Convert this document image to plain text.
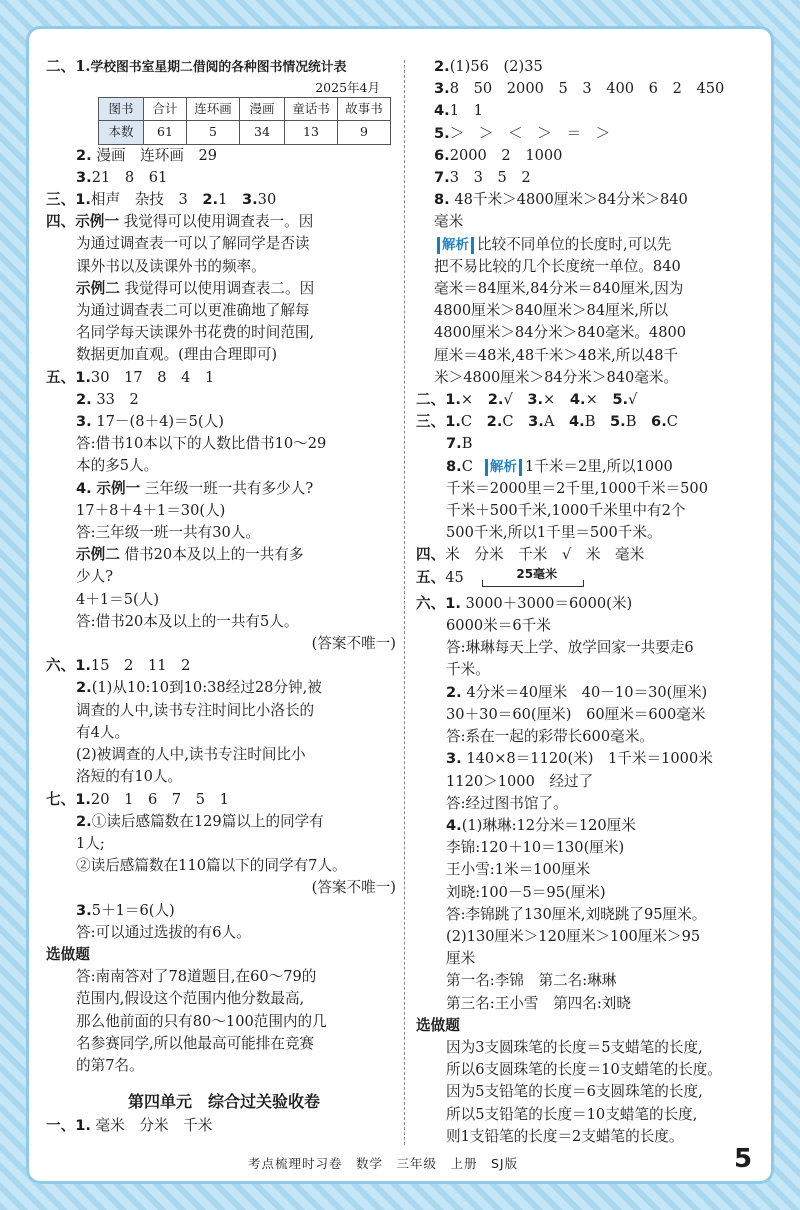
二、1.学校图书室星期二借阅的各种图书情况统计表
2025年4月
图书	合计	连环画	漫画	童话书	故事书
本数	61	5	34	13	9
2. 漫画　连环画　29
3.21　8　61
三、1.相声　杂技　3　2.1　3.30
四、示例一 我觉得可以使用调查表一。因
为通过调查表一可以了解同学是否读
课外书以及读课外书的频率。
示例二 我觉得可以使用调查表二。因
为通过调查表二可以更准确地了解每
名同学每天读课外书花费的时间范围,
数据更加直观。(理由合理即可)
五、1.30　17　8　4　1
2. 33　2
3. 17－(8＋4)＝5(人)
答:借书10本以下的人数比借书10～29
本的多5人。
4. 示例一 三年级一班一共有多少人?
17＋8＋4＋1＝30(人)
答:三年级一班一共有30人。
示例二 借书20本及以上的一共有多
少人?
4＋1＝5(人)
答:借书20本及以上的一共有5人。
(答案不唯一)
六、1.15　2　11　2
2.(1)从10:10到10:38经过28分钟,被
调查的人中,读书专注时间比小洛长的
有4人。
(2)被调查的人中,读书专注时间比小
洛短的有10人。
七、1.20　1　6　7　5　1
2.①读后感篇数在129篇以上的同学有
1人;
②读后感篇数在110篇以下的同学有7人。
(答案不唯一)
3.5＋1＝6(人)
答:可以通过选拔的有6人。
选做题
答:南南答对了78道题目,在60～79的
范围内,假设这个范围内他分数最高,
那么他前面的只有80～100范围内的几
名参赛同学,所以他最高可能排在竞赛
的第7名。
第四单元　综合过关验收卷
一、1. 毫米　分米　千米
2.(1)56　(2)35
3.8　50　2000　5　3　400　6　2　450
4.1　1
5.＞　＞　＜　＞　＝　＞
6.2000　2　1000
7.3　3　5　2
8. 48千米＞4800厘米＞84分米＞840
毫米
解析 比较不同单位的长度时,可以先
把不易比较的几个长度统一单位。840
毫米＝84厘米,84分米＝840厘米,因为
4800厘米＞840厘米＞84厘米,所以
4800厘米＞84分米＞840毫米。4800
厘米＝48米,48千米＞48米,所以48千
米＞4800厘米＞84分米＞840毫米。
二、1.×　2.√　3.×　4.×　5.√
三、1.C　2.C　3.A　4.B　5.B　6.C
7.B
8.C 解析 1千米＝2里,所以1000
千米＝2000里＝2千里,1000千米＝500
千米＋500千米,1000千米里中有2个
500千米,所以1千里＝500千米。
四、米　分米　千米　√　米　毫米
五、45	25毫米
六、1. 3000＋3000＝6000(米)
6000米＝6千米
答:琳琳每天上学、放学回家一共要走6
千米。
2. 4分米＝40厘米　40－10＝30(厘米)
30＋30＝60(厘米)　60厘米＝600毫米
答:系在一起的彩带长600毫米。
3. 140×8＝1120(米)　1千米＝1000米
1120＞1000　经过了
答:经过图书馆了。
4.(1)琳琳:12分米＝120厘米
李锦:120＋10＝130(厘米)
王小雪:1米＝100厘米
刘晓:100－5＝95(厘米)
答:李锦跳了130厘米,刘晓跳了95厘米。
(2)130厘米＞120厘米＞100厘米＞95
厘米
第一名:李锦　第二名:琳琳
第三名:王小雪　第四名:刘晓
选做题
因为3支圆珠笔的长度＝5支蜡笔的长度,
所以6支圆珠笔的长度＝10支蜡笔的长度。
因为5支铅笔的长度＝6支圆珠笔的长度,
所以5支铅笔的长度＝10支蜡笔的长度,
则1支铅笔的长度＝2支蜡笔的长度。
考点梳理时习卷　数学　三年级　上册　SJ版	5
